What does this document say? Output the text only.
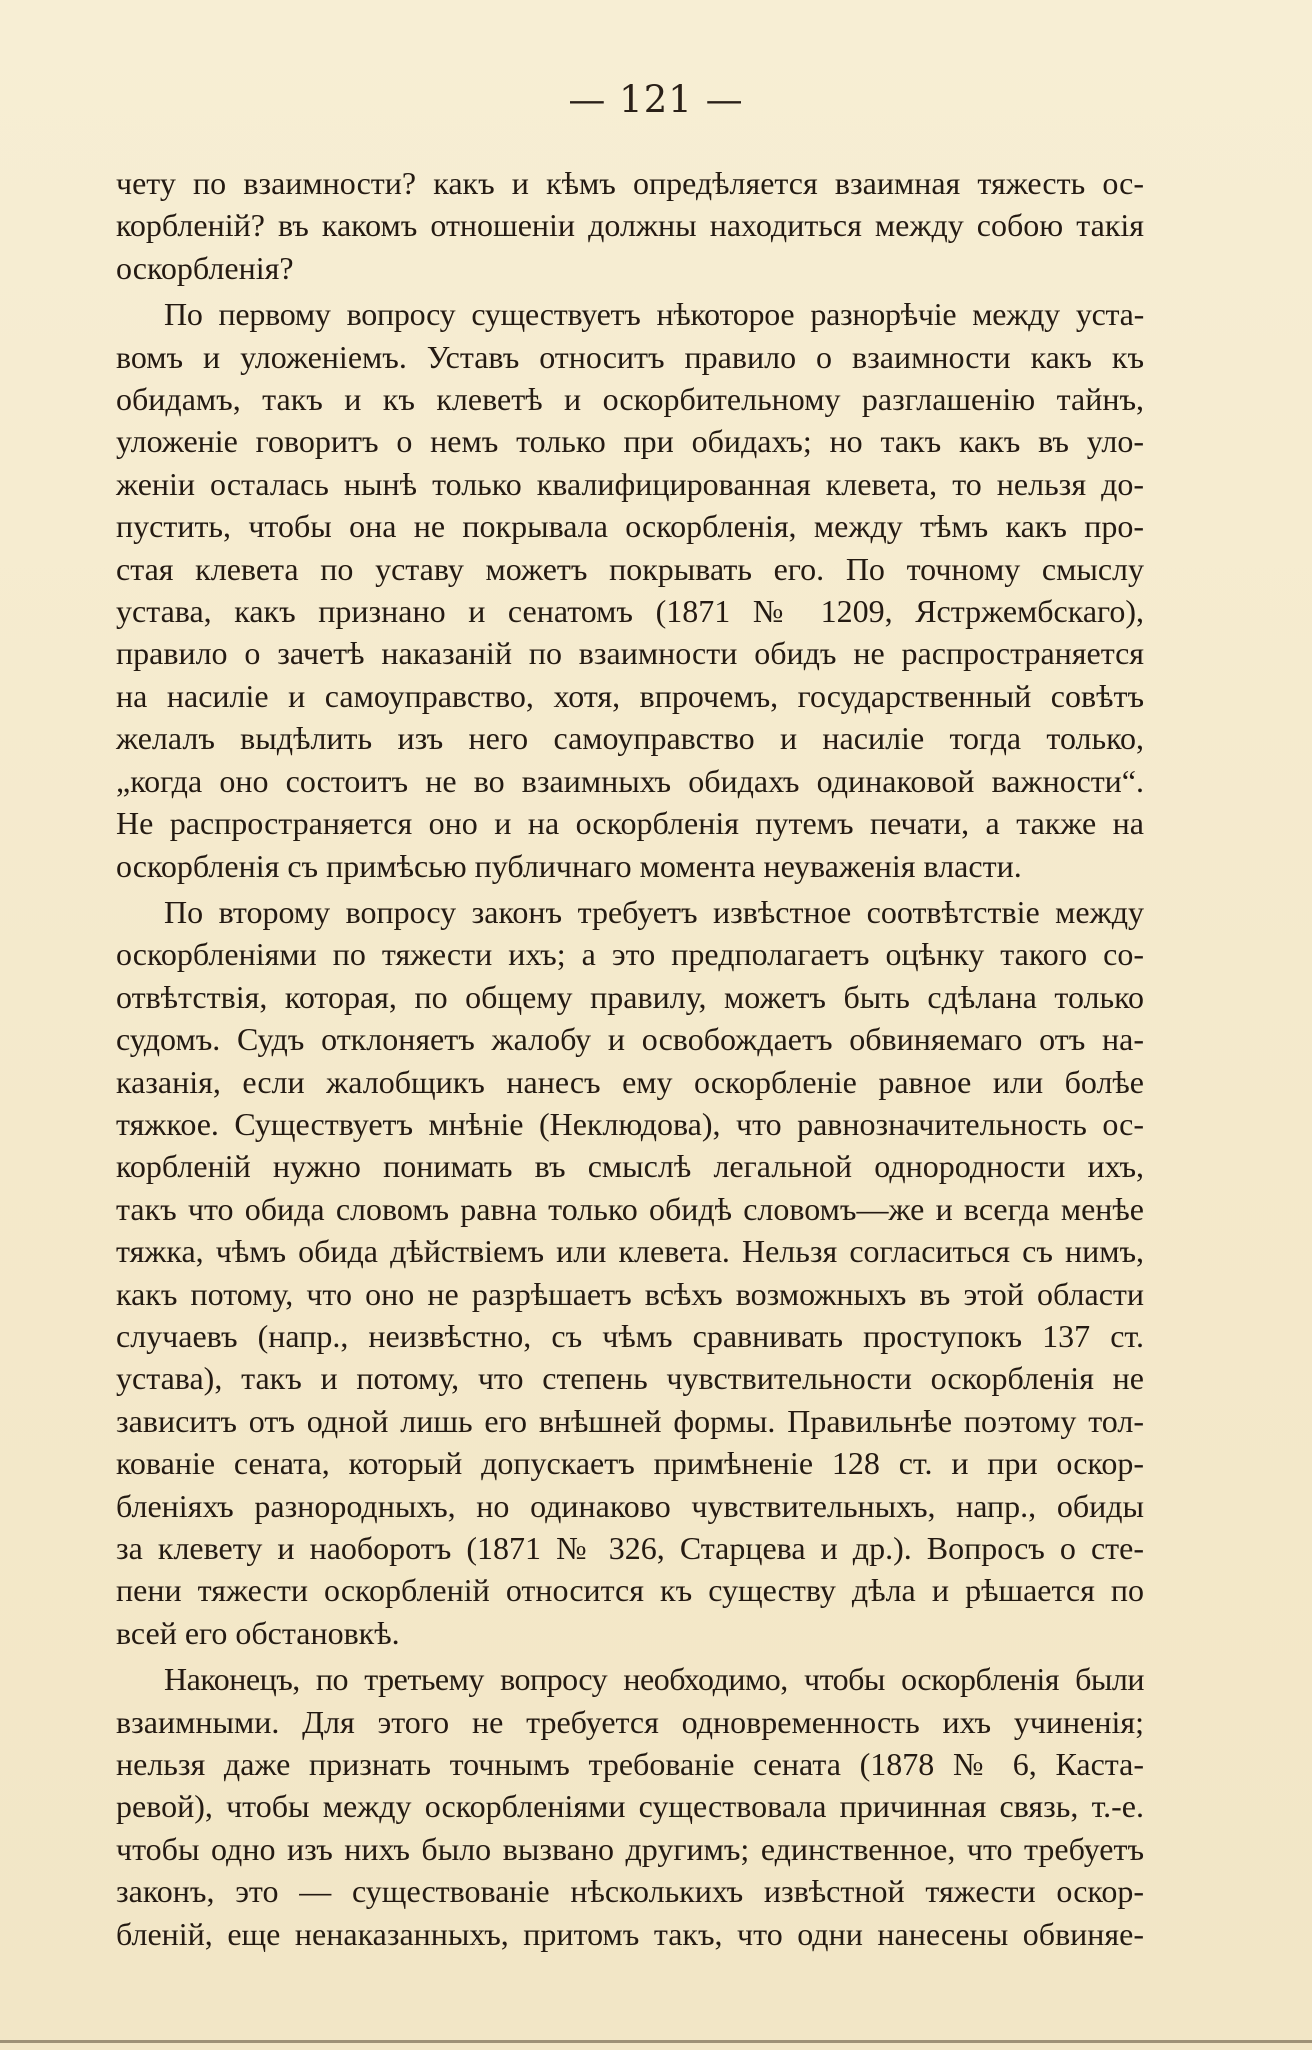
— 121 —
чету по взаимности? какъ и кѣмъ опредѣляется взаимная тяжесть ос-
корбленій? въ какомъ отношеніи должны находиться между собою такія
оскорбленія?
По первому вопросу существуетъ нѣкоторое разнорѣчіе между уста-
вомъ и уложеніемъ. Уставъ относитъ правило о взаимности какъ къ
обидамъ, такъ и къ клеветѣ и оскорбительному разглашенію тайнъ,
уложеніе говоритъ о немъ только при обидахъ; но такъ какъ въ уло-
женіи осталась нынѣ только квалифицированная клевета, то нельзя до-
пустить, чтобы она не покрывала оскорбленія, между тѣмъ какъ про-
стая клевета по уставу можетъ покрывать его. По точному смыслу
устава, какъ признано и сенатомъ (1871 № 1209, Ястржембскаго),
правило о зачетѣ наказаній по взаимности обидъ не распространяется
на насиліе и самоуправство, хотя, впрочемъ, государственный совѣтъ
желалъ выдѣлить изъ него самоуправство и насиліе тогда только,
„когда оно состоитъ не во взаимныхъ обидахъ одинаковой важности“.
Не распространяется оно и на оскорбленія путемъ печати, а также на
оскорбленія съ примѣсью публичнаго момента неуваженія власти.
По второму вопросу законъ требуетъ извѣстное соотвѣтствіе между
оскорбленіями по тяжести ихъ; а это предполагаетъ оцѣнку такого со-
отвѣтствія, которая, по общему правилу, можетъ быть сдѣлана только
судомъ. Судъ отклоняетъ жалобу и освобождаетъ обвиняемаго отъ на-
казанія, если жалобщикъ нанесъ ему оскорбленіе равное или болѣе
тяжкое. Существуетъ мнѣніе (Неклюдова), что равнозначительность ос-
корбленій нужно понимать въ смыслѣ легальной однородности ихъ,
такъ что обида словомъ равна только обидѣ словомъ—же и всегда менѣе
тяжка, чѣмъ обида дѣйствіемъ или клевета. Нельзя согласиться съ нимъ,
какъ потому, что оно не разрѣшаетъ всѣхъ возможныхъ въ этой области
случаевъ (напр., неизвѣстно, съ чѣмъ сравнивать проступокъ 137 ст.
устава), такъ и потому, что степень чувствительности оскорбленія не
зависитъ отъ одной лишь его внѣшней формы. Правильнѣе поэтому тол-
кованіе сената, который допускаетъ примѣненіе 128 ст. и при оскор-
бленіяхъ разнородныхъ, но одинаково чувствительныхъ, напр., обиды
за клевету и наоборотъ (1871 № 326, Старцева и др.). Вопросъ о сте-
пени тяжести оскорбленій относится къ существу дѣла и рѣшается по
всей его обстановкѣ.
Наконецъ, по третьему вопросу необходимо, чтобы оскорбленія были
взаимными. Для этого не требуется одновременность ихъ учиненія;
нельзя даже признать точнымъ требованіе сената (1878 № 6, Каста-
ревой), чтобы между оскорбленіями существовала причинная связь, т.-е.
чтобы одно изъ нихъ было вызвано другимъ; единственное, что требуетъ
законъ, это — существованіе нѣсколькихъ извѣстной тяжести оскор-
бленій, еще ненаказанныхъ, притомъ такъ, что одни нанесены обвиняе-
